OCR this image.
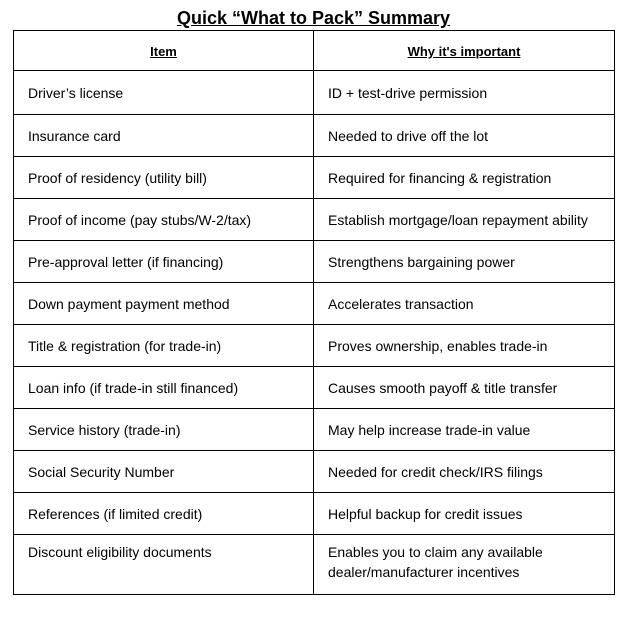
Quick “What to Pack” Summary
Item	Why it's important
Driver’s license	ID + test-drive permission
Insurance card	Needed to drive off the lot
Proof of residency (utility bill)	Required for financing & registration
Proof of income (pay stubs/W-2/tax)	Establish mortgage/loan repayment ability
Pre-approval letter (if financing)	Strengthens bargaining power
Down payment payment method	Accelerates transaction
Title & registration (for trade-in)	Proves ownership, enables trade-in
Loan info (if trade-in still financed)	Causes smooth payoff & title transfer
Service history (trade-in)	May help increase trade-in value
Social Security Number	Needed for credit check/IRS filings
References (if limited credit)	Helpful backup for credit issues
Discount eligibility documents	Enables you to claim any available dealer/manufacturer incentives
